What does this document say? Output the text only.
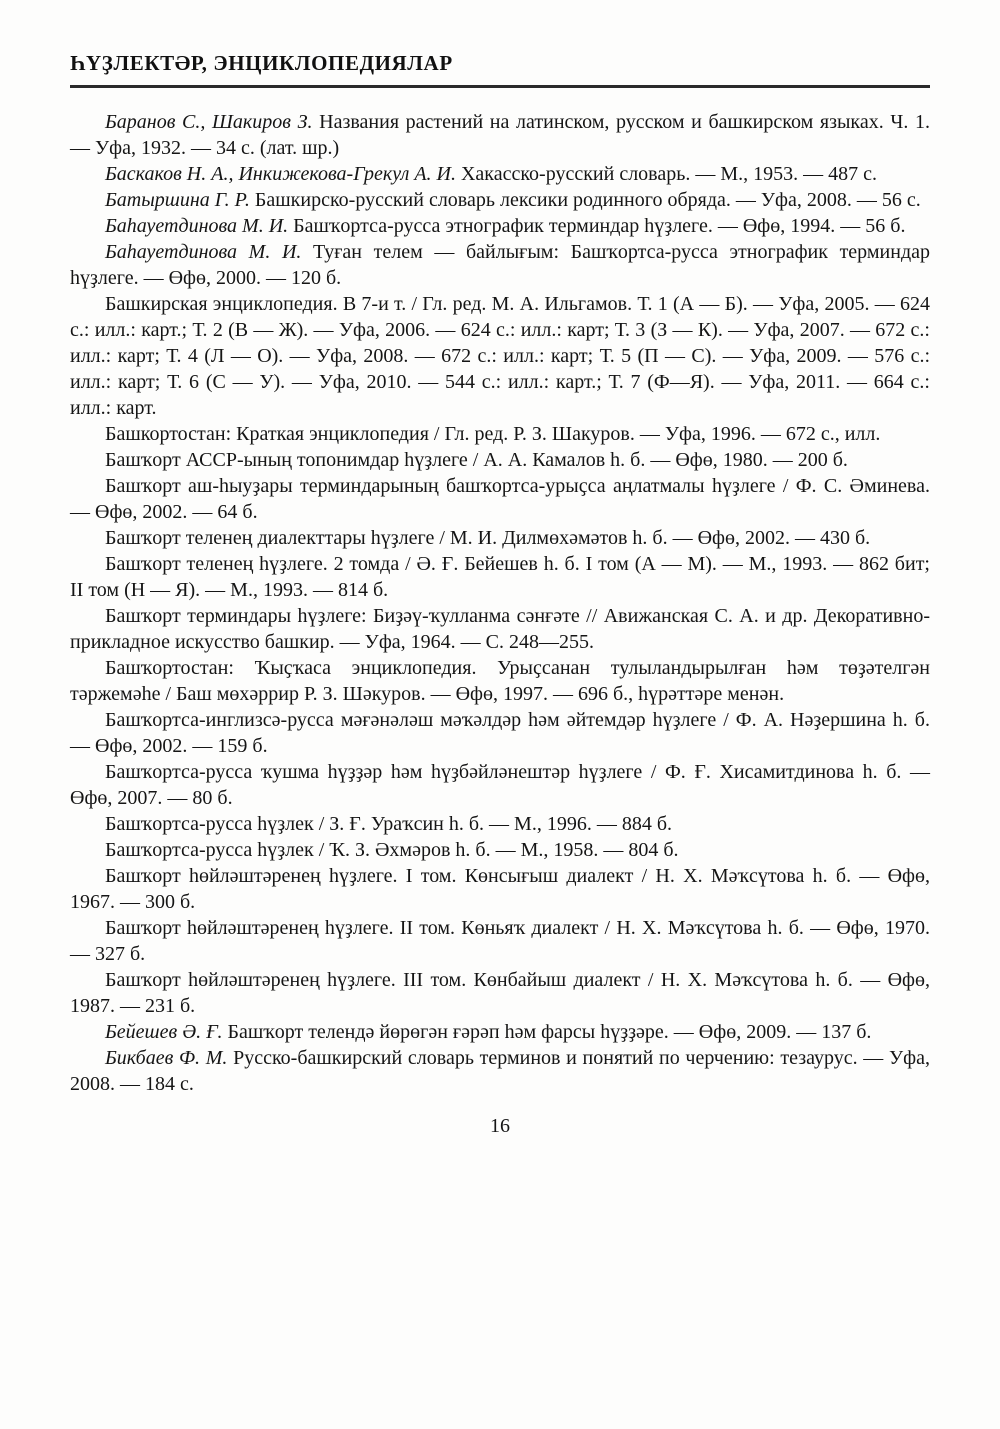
ҺҮҘЛЕКТӘР, ЭНЦИКЛОПЕДИЯЛАР

Баранов С., Шакиров З. Названия растений на латинском, русском и башкирском языках. Ч. 1. — Уфа, 1932. — 34 с. (лат. шр.)

Баскаков Н. А., Инкижекова-Грекул А. И. Хакасско-русский словарь. — М., 1953. — 487 с.

Батыршина Г. Р. Башкирско-русский словарь лексики родинного обряда. — Уфа, 2008. — 56 с.

Баһауетдинова М. И. Башҡортса-русса этнографик терминдар һүҙлеге. — Өфө, 1994. — 56 б.

Баһауетдинова М. И. Туған телем — байлығым: Башҡортса-русса этнографик терминдар һүҙлеге. — Өфө, 2000. — 120 б.

Башкирская энциклопедия. В 7-и т. / Гл. ред. М. А. Ильгамов. Т. 1 (А — Б). — Уфа, 2005. — 624 с.: илл.: карт.; Т. 2 (В — Ж). — Уфа, 2006. — 624 с.: илл.: карт; Т. 3 (З — К). — Уфа, 2007. — 672 с.: илл.: карт; Т. 4 (Л — О). — Уфа, 2008. — 672 с.: илл.: карт; Т. 5 (П — С). — Уфа, 2009. — 576 с.: илл.: карт; Т. 6 (С — У). — Уфа, 2010. — 544 с.: илл.: карт.; Т. 7 (Ф—Я). — Уфа, 2011. — 664 с.: илл.: карт.

Башкортостан: Краткая энциклопедия / Гл. ред. Р. З. Шакуров. — Уфа, 1996. — 672 с., илл.

Башҡорт АССР-ының топонимдар һүҙлеге / А. А. Камалов һ. б. — Өфө, 1980. — 200 б.

Башҡорт аш-һыуҙары терминдарының башҡортса-урыҫса аңлатмалы һүҙлеге / Ф. С. Әминева. — Өфө, 2002. — 64 б.

Башҡорт теленең диалекттары һүҙлеге / М. И. Дилмөхәмәтов һ. б. — Өфө, 2002. — 430 б.

Башҡорт теленең һүҙлеге. 2 томда / Ә. Ғ. Бейешев һ. б. I том (А — М). — М., 1993. — 862 бит; II том (Н — Я). — М., 1993. — 814 б.

Башҡорт терминдары һүҙлеге: Биҙәү-ҡулланма сәнғәте // Авижанская С. А. и др. Декоративно-прикладное искусство башкир. — Уфа, 1964. — С. 248—255.

Башҡортостан: Ҡыҫҡаса энциклопедия. Урыҫсанан тулыландырылған һәм төҙәтелгән тәржемәһе / Баш мөхәррир Р. З. Шәкуров. — Өфө, 1997. — 696 б., һүрәттәре менән.

Башҡортса-инглизсә-русса мәғәнәләш мәҡәлдәр һәм әйтемдәр һүҙлеге / Ф. А. Нәҙершина һ. б. — Өфө, 2002. — 159 б.

Башҡортса-русса ҡушма һүҙҙәр һәм һүҙбәйләнештәр һүҙлеге / Ф. Ғ. Хисамитдинова һ. б. — Өфө, 2007. — 80 б.

Башҡортса-русса һүҙлек / З. Ғ. Ураҡсин һ. б. — М., 1996. — 884 б.

Башҡортса-русса һүҙлек / Ҡ. З. Әхмәров һ. б. — М., 1958. — 804 б.

Башҡорт һөйләштәренең һүҙлеге. I том. Көнсығыш диалект / Н. Х. Мәҡсүтова һ. б. — Өфө, 1967. — 300 б.

Башҡорт һөйләштәренең һүҙлеге. II том. Көньяҡ диалект / Н. Х. Мәҡсүтова һ. б. — Өфө, 1970. — 327 б.

Башҡорт һөйләштәренең һүҙлеге. III том. Көнбайыш диалект / Н. Х. Мәҡсүтова һ. б. — Өфө, 1987. — 231 б.

Бейешев Ә. Ғ. Башҡорт телендә йөрөгән ғәрәп һәм фарсы һүҙҙәре. — Өфө, 2009. — 137 б.

Бикбаев Ф. М. Русско-башкирский словарь терминов и понятий по черчению: тезаурус. — Уфа, 2008. — 184 с.

16
